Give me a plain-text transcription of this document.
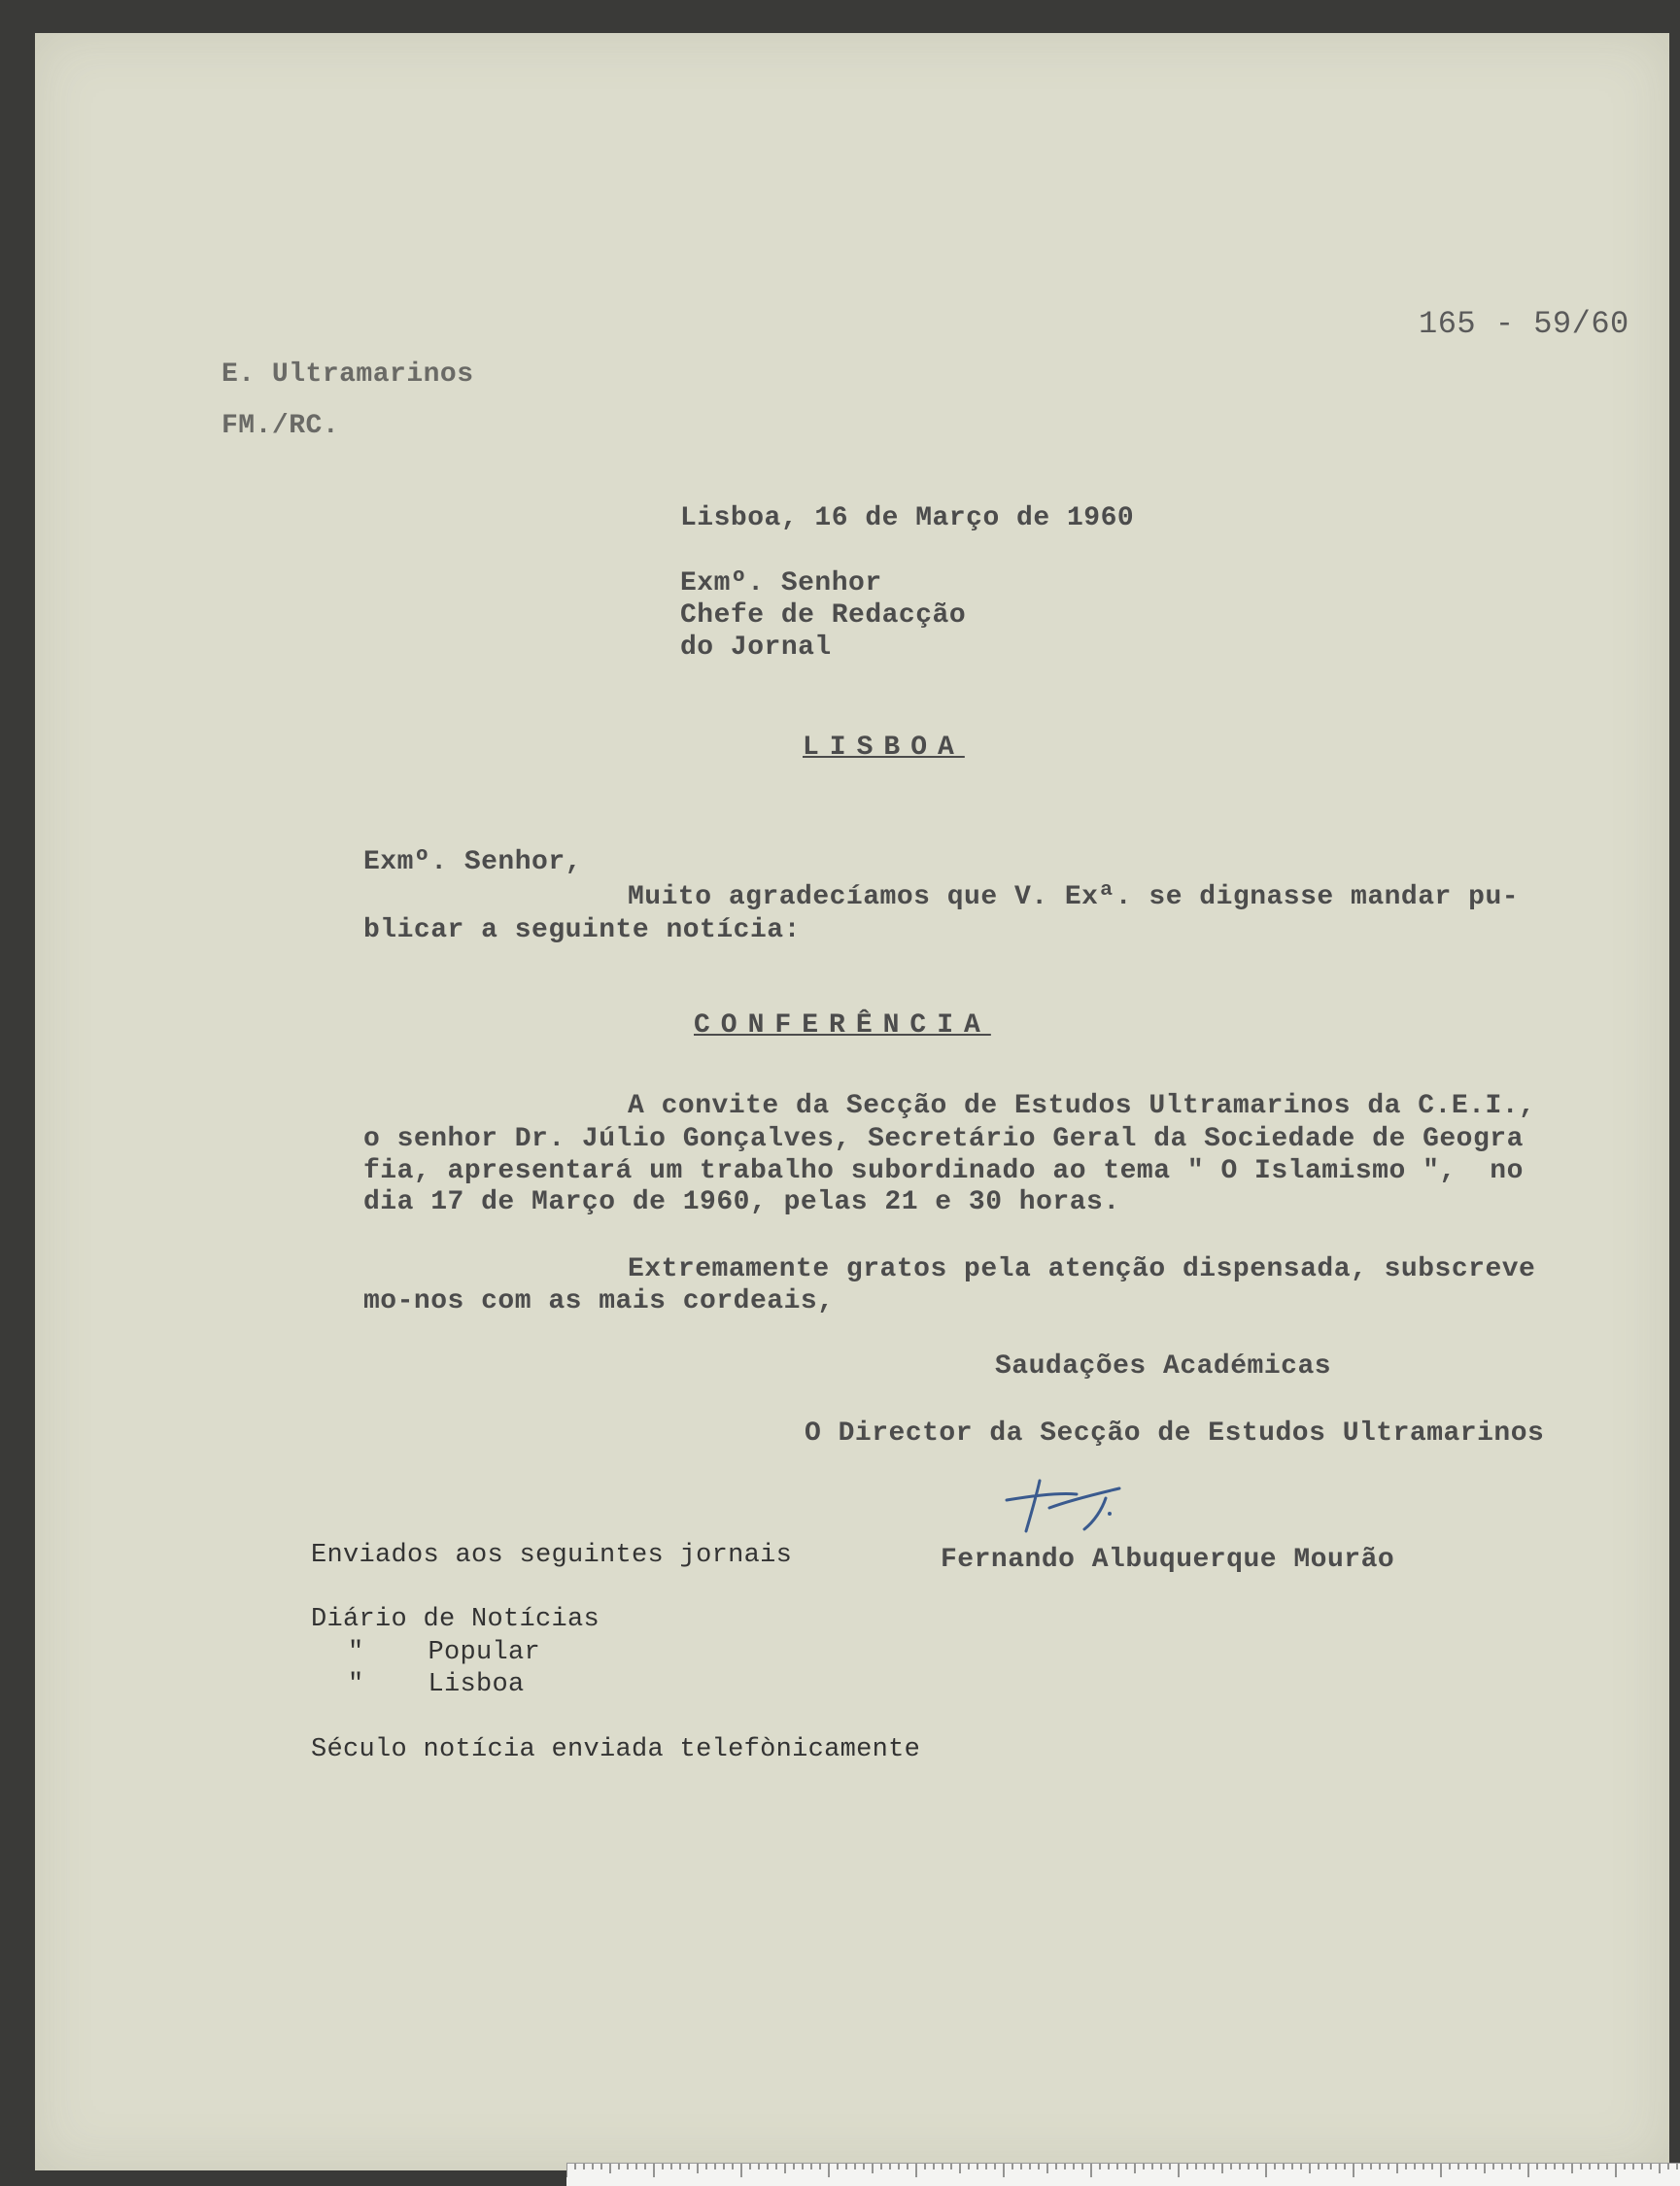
165 - 59/60
E. Ultramarinos
FM./RC.
Lisboa, 16 de Março de 1960
Exmº. Senhor
Chefe de Redacção
do Jornal
LISBOA
Exmº. Senhor,
Muito agradecíamos que V. Exª. se dignasse mandar pu-
blicar a seguinte notícia:
CONFERÊNCIA
A convite da Secção de Estudos Ultramarinos da C.E.I.,
o senhor Dr. Júlio Gonçalves, Secretário Geral da Sociedade de Geogra
fia, apresentará um trabalho subordinado ao tema " O Islamismo ",  no
dia 17 de Março de 1960, pelas 21 e 30 horas.
Extremamente gratos pela atenção dispensada, subscreve
mo-nos com as mais cordeais,
Saudações Académicas
O Director da Secção de Estudos Ultramarinos
Fernando Albuquerque Mourão
Enviados aos seguintes jornais
Diário de Notícias
"    Popular
"    Lisboa
Século notícia enviada telefònicamente
